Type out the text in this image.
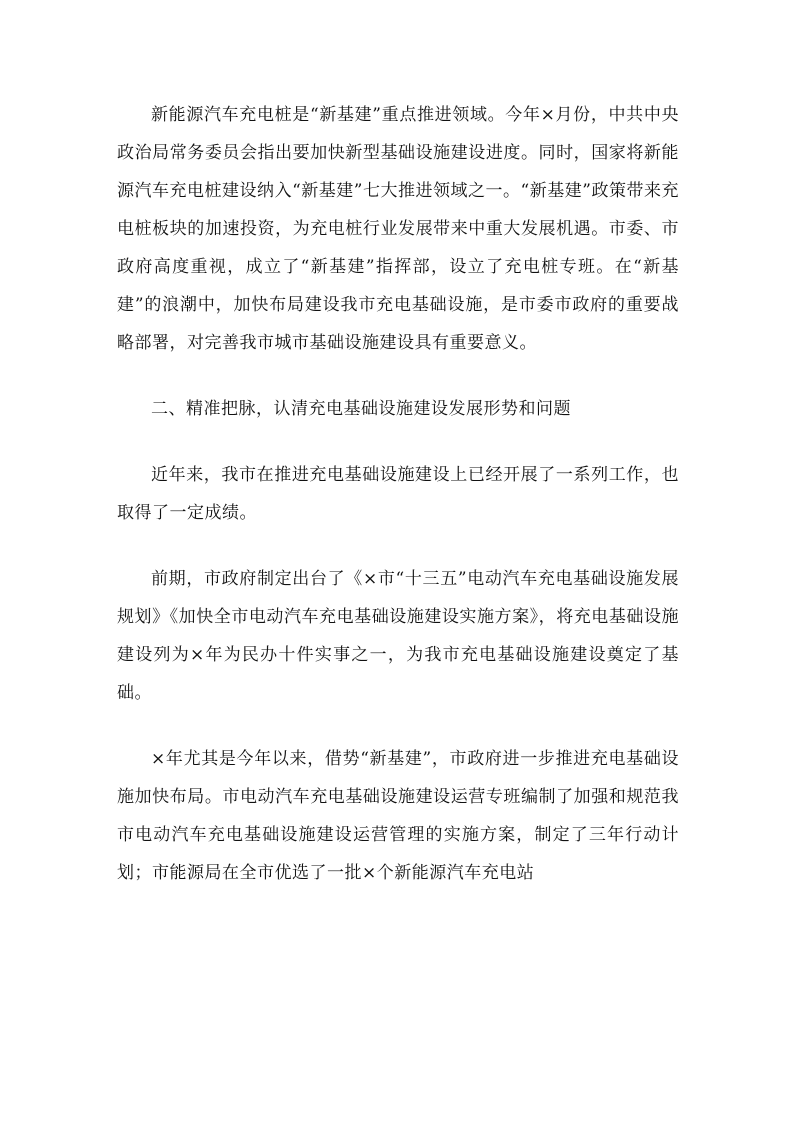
新能源汽车充电桩是“新基建”重点推进领域。今年×月份，中共中央政治局常务委员会指出要加快新型基础设施建设进度。同时，国家将新能源汽车充电桩建设纳入“新基建”七大推进领域之一。“新基建”政策带来充电桩板块的加速投资，为充电桩行业发展带来中重大发展机遇。市委、市政府高度重视，成立了“新基建”指挥部，设立了充电桩专班。在“新基建”的浪潮中，加快布局建设我市充电基础设施，是市委市政府的重要战略部署，对完善我市城市基础设施建设具有重要意义。

二、精准把脉，认清充电基础设施建设发展形势和问题

近年来，我市在推进充电基础设施建设上已经开展了一系列工作，也取得了一定成绩。

前期，市政府制定出台了《×市“十三五”电动汽车充电基础设施发展规划》《加快全市电动汽车充电基础设施建设实施方案》，将充电基础设施建设列为×年为民办十件实事之一，为我市充电基础设施建设奠定了基础。

×年尤其是今年以来，借势“新基建”，市政府进一步推进充电基础设施加快布局。市电动汽车充电基础设施建设运营专班编制了加强和规范我市电动汽车充电基础设施建设运营管理的实施方案，制定了三年行动计划；市能源局在全市优选了一批×个新能源汽车充电站
